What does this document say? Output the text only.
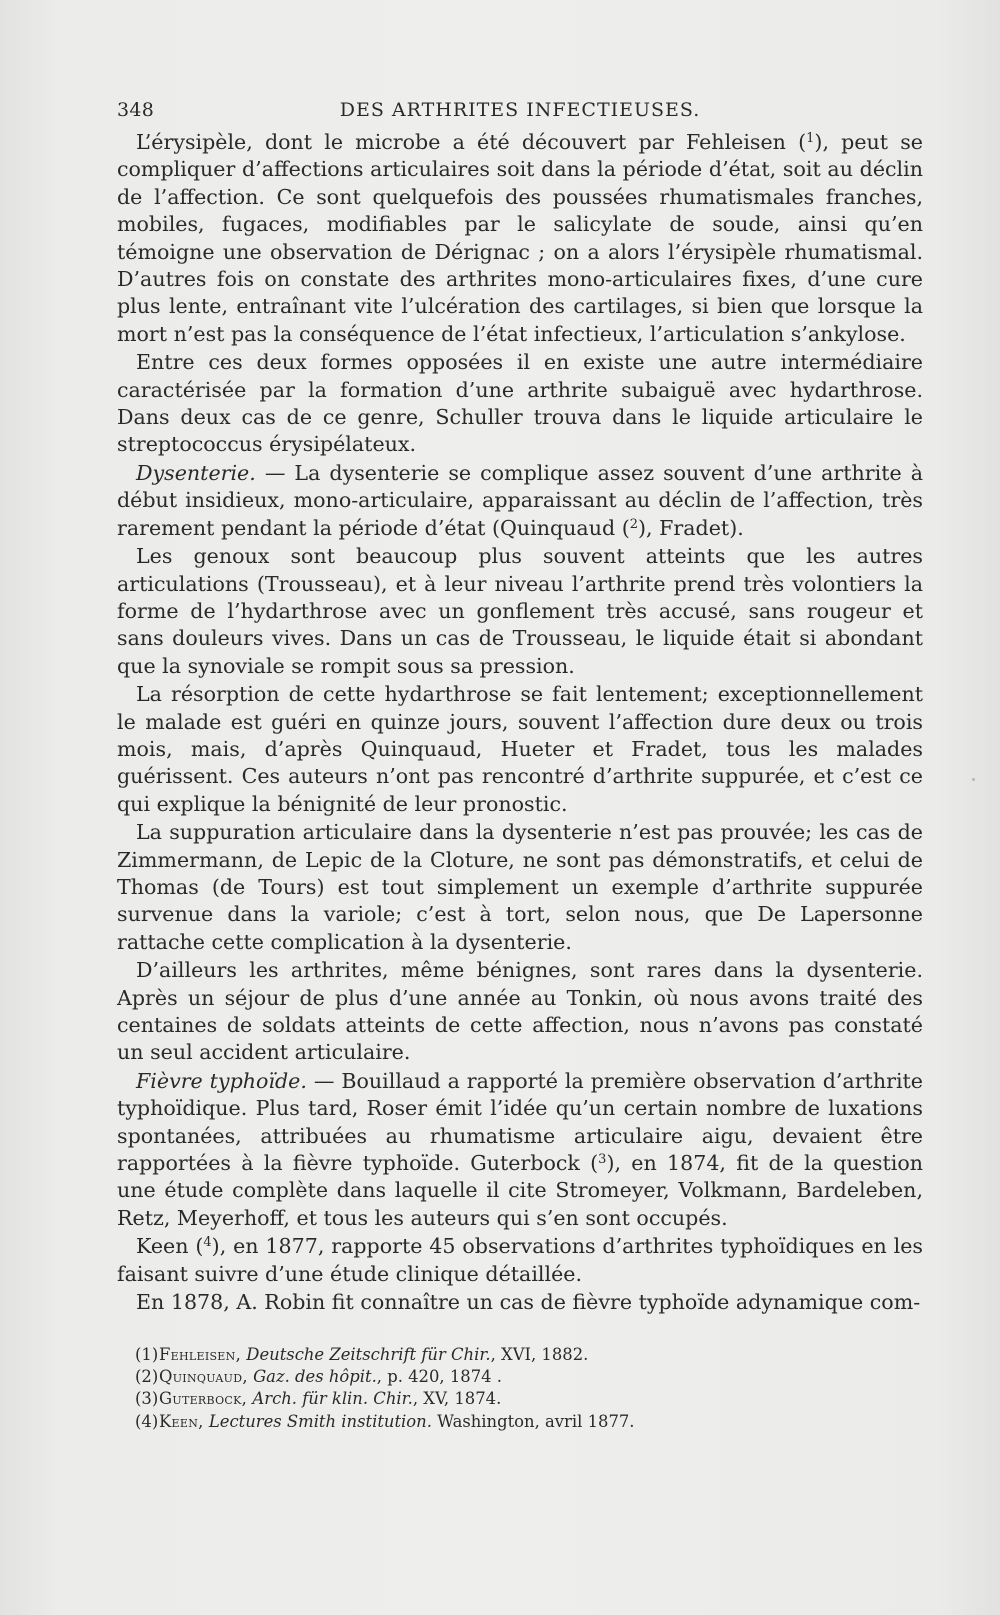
348	DES ARTHRITES INFECTIEUSES.

L’érysipèle, dont le microbe a été découvert par Fehleisen ($^1$), peut se compliquer d’affections articulaires soit dans la période d’état, soit au déclin de l’affection. Ce sont quelquefois des poussées rhumatismales franches, mobiles, fugaces, modifiables par le salicylate de soude, ainsi qu’en témoigne une observation de Dérignac ; on a alors l’érysipèle rhumatismal. D’autres fois on constate des arthrites mono-articulaires fixes, d’une cure plus lente, entraînant vite l’ulcération des cartilages, si bien que lorsque la mort n’est pas la conséquence de l’état infectieux, l’articulation s’ankylose.

Entre ces deux formes opposées il en existe une autre intermédiaire caractérisée par la formation d’une arthrite subaiguë avec hydarthrose. Dans deux cas de ce genre, Schuller trouva dans le liquide articulaire le streptococcus érysipélateux.

Dysenterie. — La dysenterie se complique assez souvent d’une arthrite à début insidieux, mono-articulaire, apparaissant au déclin de l’affection, très rarement pendant la période d’état (Quinquaud ($^2$), Fradet).

Les genoux sont beaucoup plus souvent atteints que les autres articulations (Trousseau), et à leur niveau l’arthrite prend très volontiers la forme de l’hydarthrose avec un gonflement très accusé, sans rougeur et sans douleurs vives. Dans un cas de Trousseau, le liquide était si abondant que la synoviale se rompit sous sa pression.

La résorption de cette hydarthrose se fait lentement; exceptionnellement le malade est guéri en quinze jours, souvent l’affection dure deux ou trois mois, mais, d’après Quinquaud, Hueter et Fradet, tous les malades guérissent. Ces auteurs n’ont pas rencontré d’arthrite suppurée, et c’est ce qui explique la bénignité de leur pronostic.

La suppuration articulaire dans la dysenterie n’est pas prouvée; les cas de Zimmermann, de Lepic de la Cloture, ne sont pas démonstratifs, et celui de Thomas (de Tours) est tout simplement un exemple d’arthrite suppurée survenue dans la variole; c’est à tort, selon nous, que De Lapersonne rattache cette complication à la dysenterie.

D’ailleurs les arthrites, même bénignes, sont rares dans la dysenterie. Après un séjour de plus d’une année au Tonkin, où nous avons traité des centaines de soldats atteints de cette affection, nous n’avons pas constaté un seul accident articulaire.

Fièvre typhoïde. — Bouillaud a rapporté la première observation d’arthrite typhoïdique. Plus tard, Roser émit l’idée qu’un certain nombre de luxations spontanées, attribuées au rhumatisme articulaire aigu, devaient être rapportées à la fièvre typhoïde. Guterbock ($^3$), en 1874, fit de la question une étude complète dans laquelle il cite Stromeyer, Volkmann, Bardeleben, Retz, Meyerhoff, et tous les auteurs qui s’en sont occupés.

Keen ($^4$), en 1877, rapporte 45 observations d’arthrites typhoïdiques en les faisant suivre d’une étude clinique détaillée.

En 1878, A. Robin fit connaître un cas de fièvre typhoïde adynamique com-

(1)Fehleisen, Deutsche Zeitschrift für Chir., XVI, 1882.
(2)Quinquaud, Gaz. des hôpit., p. 420, 1874 .
(3)Guterbock, Arch. für klin. Chir., XV, 1874.
(4)Keen, Lectures Smith institution. Washington, avril 1877.
